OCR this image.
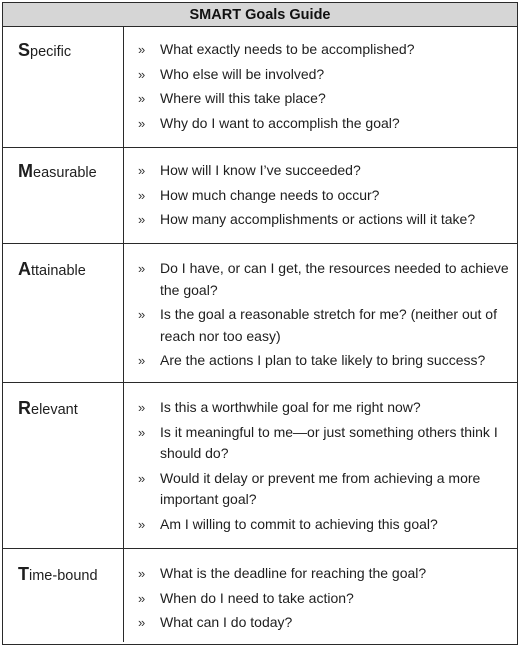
SMART Goals Guide
Specific	»	What exactly needs to be accomplished?
»	Who else will be involved?
»	Where will this take place?
»	Why do I want to accomplish the goal?
Measurable	»	How will I know I’ve succeeded?
»	How much change needs to occur?
»	How many accomplishments or actions will it take?
Attainable	»	Do I have, or can I get, the resources needed to achieve the goal?
»	Is the goal a reasonable stretch for me? (neither out of reach nor too easy)
»	Are the actions I plan to take likely to bring success?
Relevant	»	Is this a worthwhile goal for me right now?
»	Is it meaningful to me—or just something others think I should do?
»	Would it delay or prevent me from achieving a more important goal?
»	Am I willing to commit to achieving this goal?
Time-bound	»	What is the deadline for reaching the goal?
»	When do I need to take action?
»	What can I do today?
